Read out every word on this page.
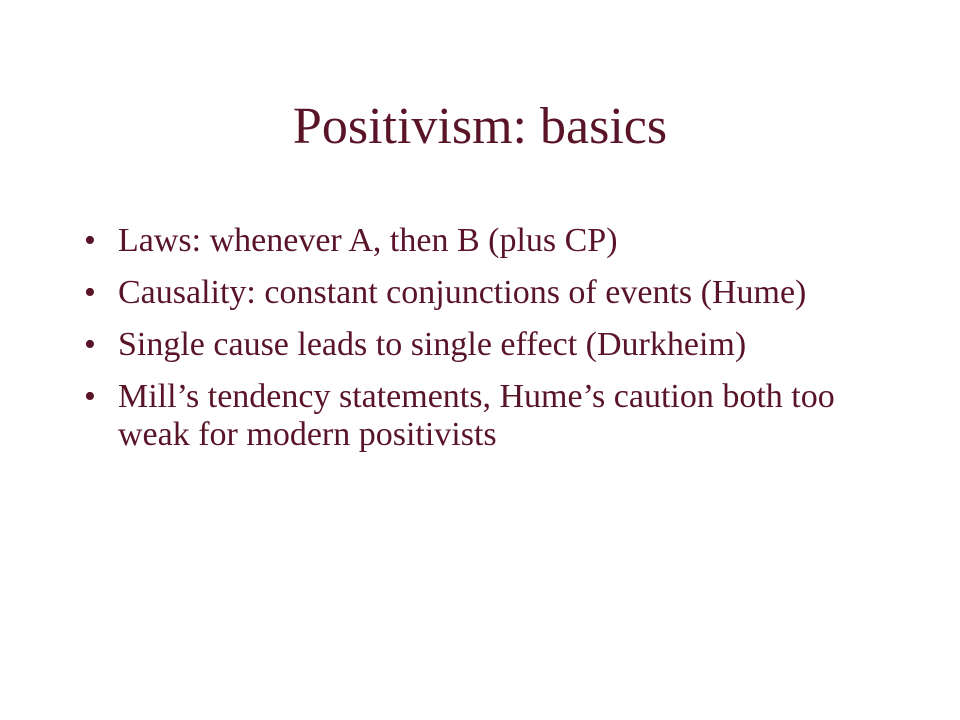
Positivism: basics
• Laws: whenever A, then B (plus CP)
• Causality: constant conjunctions of events (Hume)
• Single cause leads to single effect (Durkheim)
• Mill’s tendency statements, Hume’s caution both too weak for modern positivists
